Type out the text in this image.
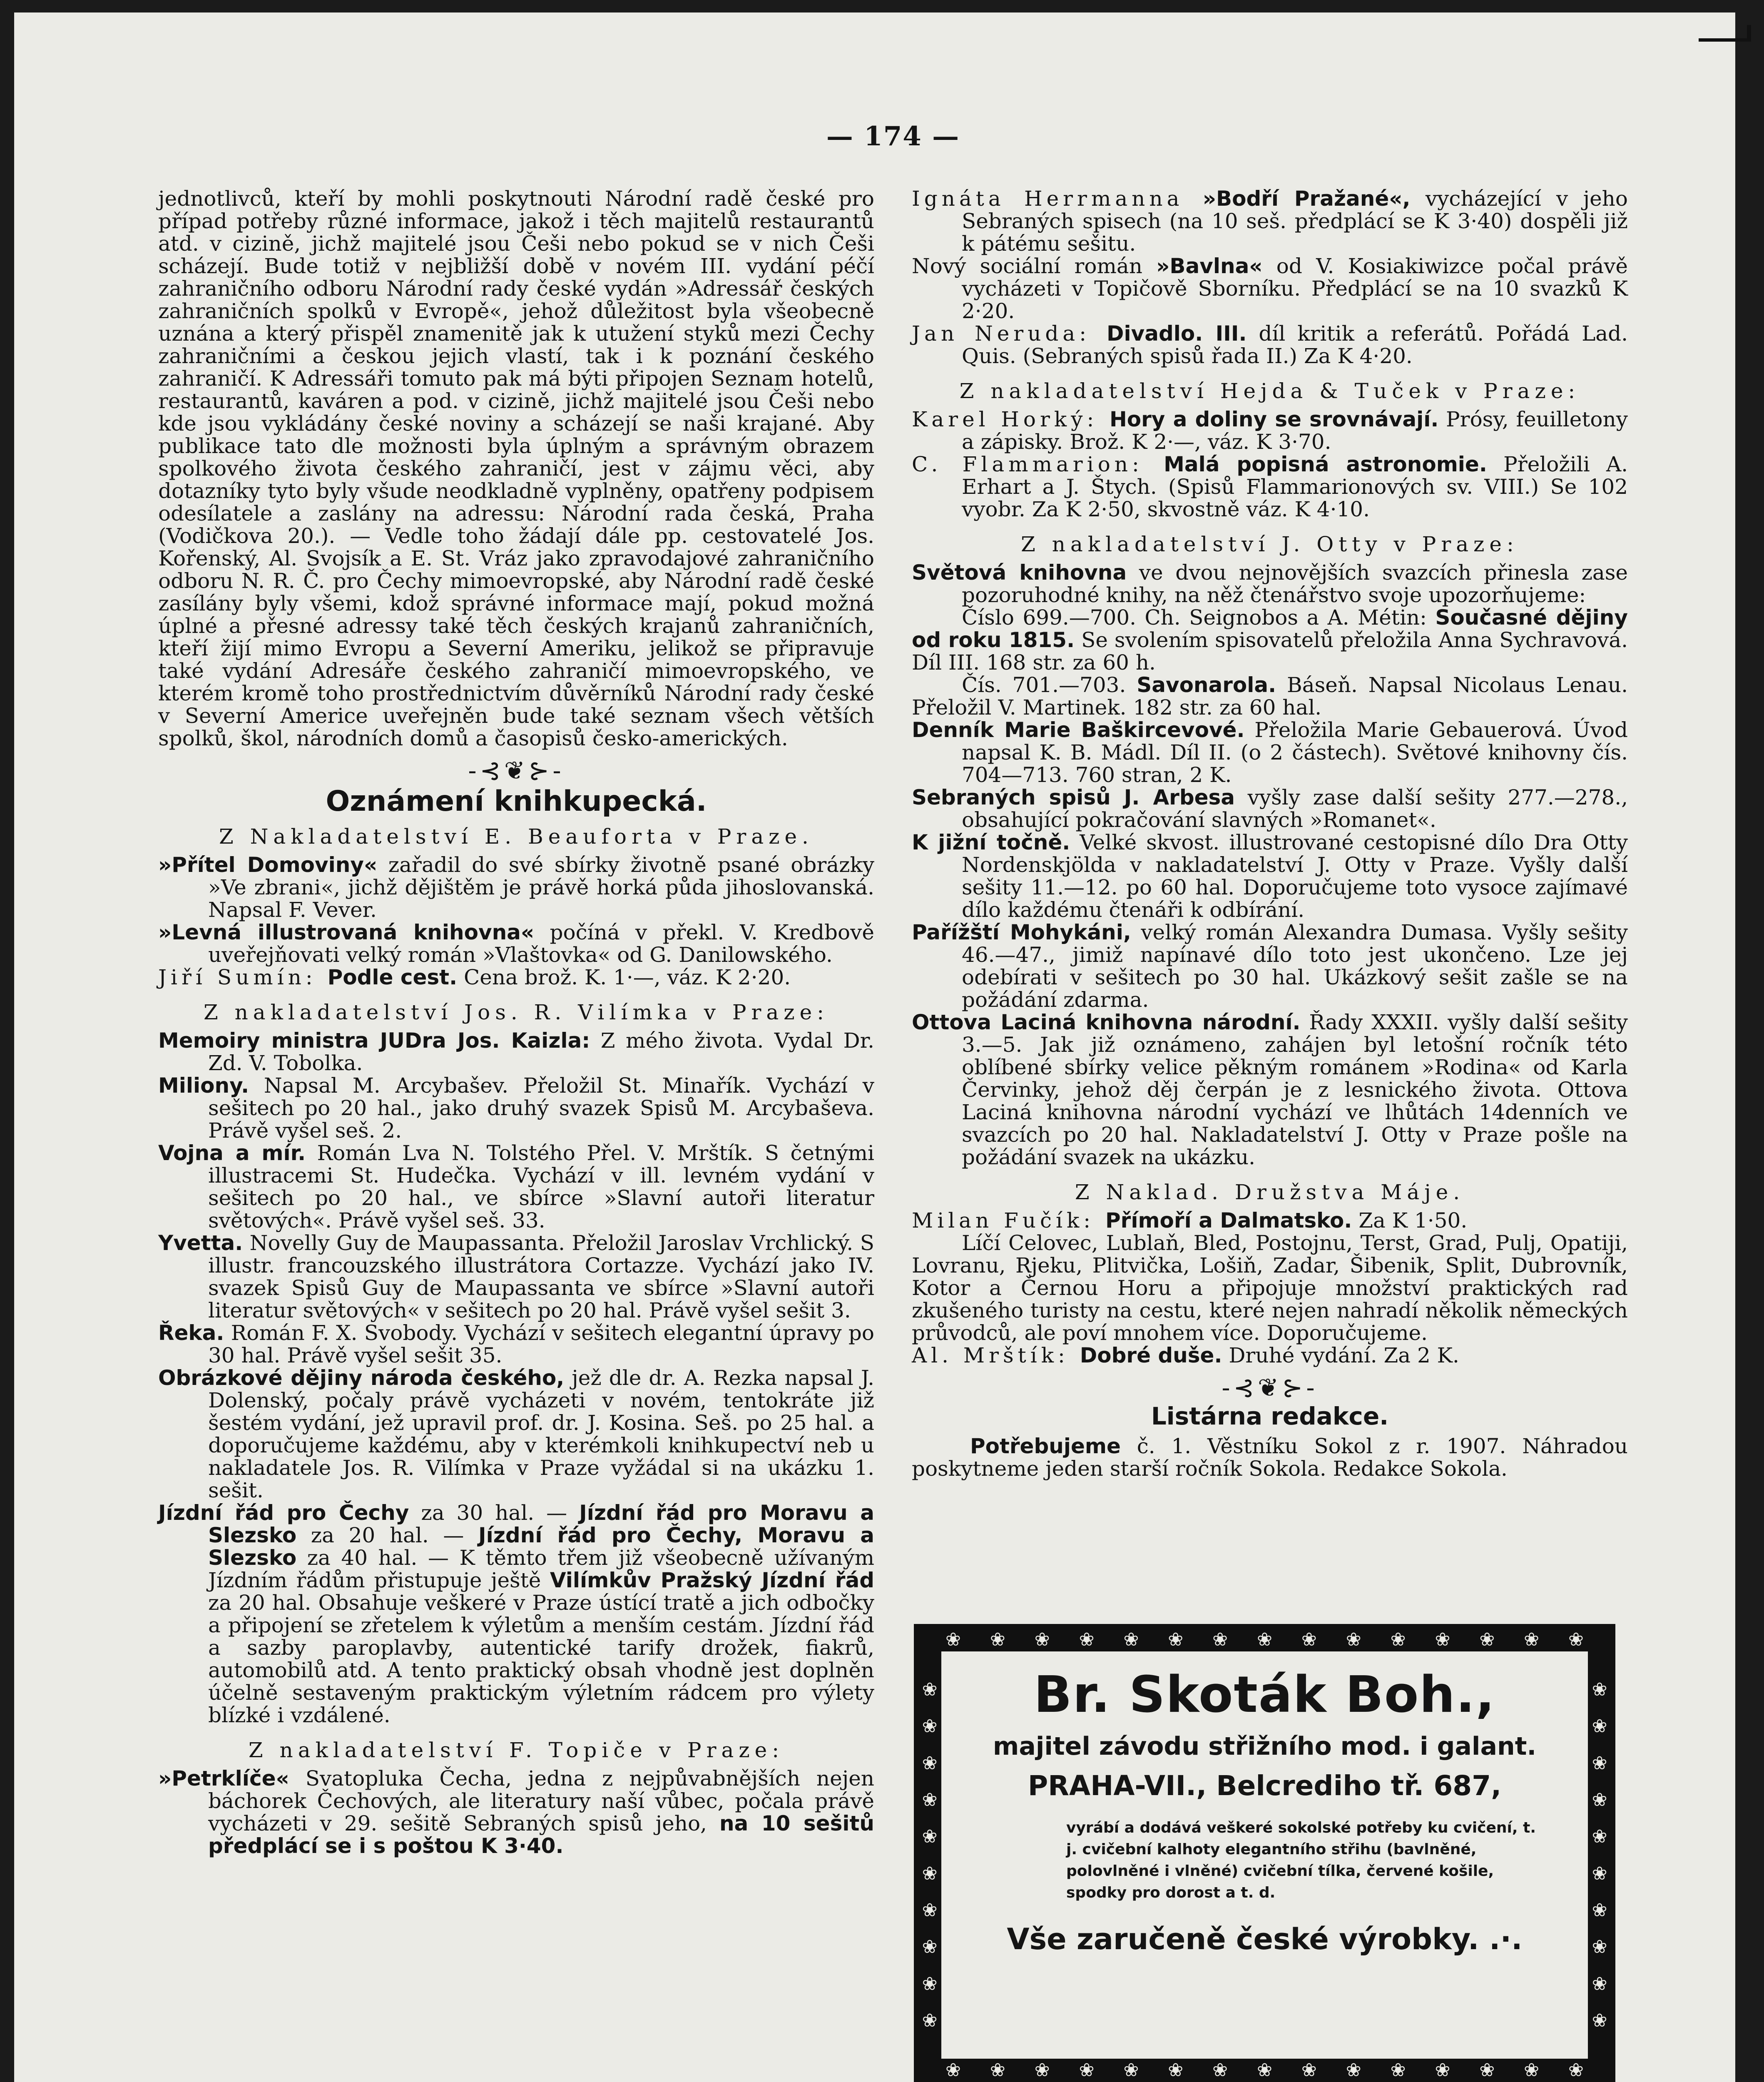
— 174 —

jednotlivců, kteří by mohli poskytnouti Národní radě české pro případ potřeby různé informace, jakož i těch majitelů restaurantů atd. v cizině, jichž majitelé jsou Češi nebo pokud se v nich Češi scházejí. Bude totiž v nejbližší době v novém III. vydání péčí zahraničního odboru Národní rady české vydán »Adressář českých zahraničních spolků v Evropě«, jehož důležitost byla všeobecně uznána a který přispěl znamenitě jak k utužení styků mezi Čechy zahraničními a českou jejich vlastí, tak i k poznání českého zahraničí. K Adressáři tomuto pak má býti připojen Seznam hotelů, restaurantů, kaváren a pod. v cizině, jichž majitelé jsou Češi nebo kde jsou vykládány české noviny a scházejí se naši krajané. Aby publikace tato dle možnosti byla úplným a správným obrazem spolkového života českého zahraničí, jest v zájmu věci, aby dotazníky tyto byly všude neodkladně vyplněny, opatřeny podpisem odesílatele a zaslány na adressu: Národní rada česká, Praha (Vodičkova 20.). — Vedle toho žádají dále pp. cestovatelé Jos. Kořenský, Al. Svojsík a E. St. Vráz jako zpravodajové zahraničního odboru N. R. Č. pro Čechy mimoevropské, aby Národní radě české zasílány byly všemi, kdož správné informace mají, pokud možná úplné a přesné adressy také těch českých krajanů zahraničních, kteří žijí mimo Evropu a Severní Ameriku, jelikož se připravuje také vydání Adresáře českého zahraničí mimoevropského, ve kterém kromě toho prostřednictvím důvěrníků Národní rady české v Severní Americe uveřejněn bude také seznam všech větších spolků, škol, národních domů a časopisů česko-amerických.

-⊰❦⊱-
Oznámení knihkupecká.
Z Nakladatelství E. Beauforta v Praze.

»Přítel Domoviny« zařadil do své sbírky životně psané obrázky »Ve zbrani«, jichž dějištěm je právě horká půda jihoslovanská. Napsal F. Vever.

»Levná illustrovaná knihovna« počíná v překl. V. Kredbově uveřejňovati velký román »Vlaštovka« od G. Danilowského.

Jiří Sumín: Podle cest. Cena brož. K. 1·—, váz. K 2·20.

Z nakladatelství Jos. R. Vilímka v Praze:

Memoiry ministra JUDra Jos. Kaizla: Z mého života. Vydal Dr. Zd. V. Tobolka.

Miliony. Napsal M. Arcybašev. Přeložil St. Minařík. Vychází v sešitech po 20 hal., jako druhý svazek Spisů M. Arcybaševa. Právě vyšel seš. 2.

Vojna a mír. Román Lva N. Tolstého Přel. V. Mrštík. S četnými illustracemi St. Hudečka. Vychází v ill. levném vydání v sešitech po 20 hal., ve sbírce »Slavní autoři literatur světových«. Právě vyšel seš. 33.

Yvetta. Novelly Guy de Maupassanta. Přeložil Jaroslav Vrchlický. S illustr. francouzského illustrátora Cortazze. Vychází jako IV. svazek Spisů Guy de Maupassanta ve sbírce »Slavní autoři literatur světových« v sešitech po 20 hal. Právě vyšel sešit 3.

Řeka. Román F. X. Svobody. Vychází v sešitech elegantní úpravy po 30 hal. Právě vyšel sešit 35.

Obrázkové dějiny národa českého, jež dle dr. A. Rezka napsal J. Dolenský, počaly právě vycházeti v novém, tentokráte již šestém vydání, jež upravil prof. dr. J. Kosina. Seš. po 25 hal. a doporučujeme každému, aby v kterémkoli knihkupectví neb u nakladatele Jos. R. Vilímka v Praze vyžádal si na ukázku 1. sešit.

Jízdní řád pro Čechy za 30 hal. — Jízdní řád pro Moravu a Slezsko za 20 hal. — Jízdní řád pro Čechy, Moravu a Slezsko za 40 hal. — K těmto třem již všeobecně užívaným Jízdním řádům přistupuje ještě Vilímkův Pražský Jízdní řád za 20 hal. Obsahuje veškeré v Praze ústící tratě a jich odbočky a připojení se zřetelem k výletům a menším cestám. Jízdní řád a sazby paroplavby, autentické tarify drožek, fiakrů, automobilů atd. A tento praktický obsah vhodně jest doplněn účelně sestaveným praktickým výletním rádcem pro výlety blízké i vzdálené.

Z nakladatelství F. Topiče v Praze:

»Petrklíče« Svatopluka Čecha, jedna z nejpůvabnějších nejen báchorek Čechových, ale literatury naší vůbec, počala právě vycházeti v 29. sešitě Sebraných spisů jeho, na 10 sešitů předplácí se i s poštou K 3·40.

Ignáta Herrmanna »Bodří Pražané«, vycházející v jeho Sebraných spisech (na 10 seš. předplácí se K 3·40) dospěli již k pátému sešitu.

Nový sociální román »Bavlna« od V. Kosiakiwizce počal právě vycházeti v Topičově Sborníku. Předplácí se na 10 svazků K 2·20.

Jan Neruda: Divadlo. III. díl kritik a referátů. Pořádá Lad. Quis. (Sebraných spisů řada II.) Za K 4·20.

Z nakladatelství Hejda & Tuček v Praze:

Karel Horký: Hory a doliny se srovnávají. Prósy, feuilletony a zápisky. Brož. K 2·—, váz. K 3·70.

C. Flammarion: Malá popisná astronomie. Přeložili A. Erhart a J. Štych. (Spisů Flammarionových sv. VIII.) Se 102 vyobr. Za K 2·50, skvostně váz. K 4·10.

Z nakladatelství J. Otty v Praze:

Světová knihovna ve dvou nejnovějších svazcích přinesla zase pozoruhodné knihy, na něž čtenářstvo svoje upozorňujeme:

Číslo 699.—700. Ch. Seignobos a A. Métin: Současné dějiny od roku 1815. Se svolením spisovatelů přeložila Anna Sychravová. Díl III. 168 str. za 60 h.

Čís. 701.—703. Savonarola. Báseň. Napsal Nicolaus Lenau. Přeložil V. Martinek. 182 str. za 60 hal.

Denník Marie Baškircevové. Přeložila Marie Gebauerová. Úvod napsal K. B. Mádl. Díl II. (o 2 částech). Světové knihovny čís. 704—713. 760 stran, 2 K.

Sebraných spisů J. Arbesa vyšly zase další sešity 277.—278., obsahující pokračování slavných »Romanet«.

K jižní točně. Velké skvost. illustrované cestopisné dílo Dra Otty Nordenskjölda v nakladatelství J. Otty v Praze. Vyšly další sešity 11.—12. po 60 hal. Doporučujeme toto vysoce zajímavé dílo každému čtenáři k odbírání.

Pařížští Mohykáni, velký román Alexandra Dumasa. Vyšly sešity 46.—47., jimiž napínavé dílo toto jest ukončeno. Lze jej odebírati v sešitech po 30 hal. Ukázkový sešit zašle se na požádání zdarma.

Ottova Laciná knihovna národní. Řady XXXII. vyšly další sešity 3.—5. Jak již oznámeno, zahájen byl letošní ročník této oblíbené sbírky velice pěkným románem »Rodina« od Karla Červinky, jehož děj čerpán je z lesnického života. Ottova Laciná knihovna národní vychází ve lhůtách 14denních ve svazcích po 20 hal. Nakladatelství J. Otty v Praze pošle na požádání svazek na ukázku.

Z Naklad. Družstva Máje.

Milan Fučík: Přímoří a Dalmatsko. Za K 1·50.

Líčí Celovec, Lublaň, Bled, Postojnu, Terst, Grad, Pulj, Opatiji, Lovranu, Rjeku, Plitvička, Lošiň, Zadar, Šibenik, Split, Dubrovník, Kotor a Černou Horu a připojuje množství praktických rad zkušeného turisty na cestu, které nejen nahradí několik německých průvodců, ale poví mnohem více. Doporučujeme.

Al. Mrštík: Dobré duše. Druhé vydání. Za 2 K.

-⊰❦⊱-
Listárna redakce.

Potřebujeme č. 1. Věstníku Sokol z r. 1907. Náhradou poskytneme jeden starší ročník Sokola. Redakce Sokola.

❀ ❀ ❀ ❀ ❀ ❀ ❀ ❀ ❀ ❀ ❀ ❀ ❀ ❀ ❀
❀ ❀ ❀ ❀ ❀ ❀ ❀ ❀ ❀ ❀ ❀ ❀ ❀ ❀ ❀
❀
❀
❀
❀
❀
❀
❀
❀
❀
❀
❀
❀
❀
❀
❀
❀
❀
❀
❀
❀
Br. Skoták Boh.,
majitel závodu střižního mod. i galant.
PRAHA-VII., Belcrediho tř. 687,
vyrábí a dodává veškeré sokolské potřeby ku cvičení, t. j. cvičební kalhoty elegantního střihu (bavlněné, polovlněné i vlněné) cvičební tílka, červené košile, spodky pro dorost a t. d.
Vše zaručeně české výrobky. .·.
